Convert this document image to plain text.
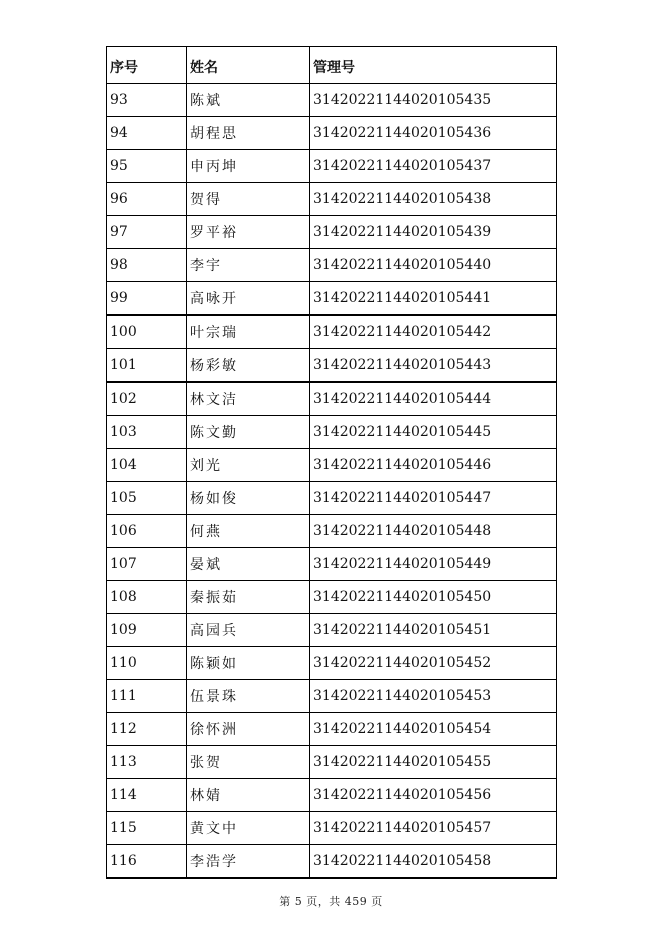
序号	姓名	管理号
93	陈斌	31420221144020105435
94	胡程思	31420221144020105436
95	申丙坤	31420221144020105437
96	贺得	31420221144020105438
97	罗平裕	31420221144020105439
98	李宇	31420221144020105440
99	高咏开	31420221144020105441
100	叶宗瑞	31420221144020105442
101	杨彩敏	31420221144020105443
102	林文洁	31420221144020105444
103	陈文勤	31420221144020105445
104	刘光	31420221144020105446
105	杨如俊	31420221144020105447
106	何燕	31420221144020105448
107	晏斌	31420221144020105449
108	秦振茹	31420221144020105450
109	高园兵	31420221144020105451
110	陈颖如	31420221144020105452
111	伍景珠	31420221144020105453
112	徐怀洲	31420221144020105454
113	张贺	31420221144020105455
114	林婧	31420221144020105456
115	黄文中	31420221144020105457
116	李浩学	31420221144020105458
第 5 页，共 459 页
